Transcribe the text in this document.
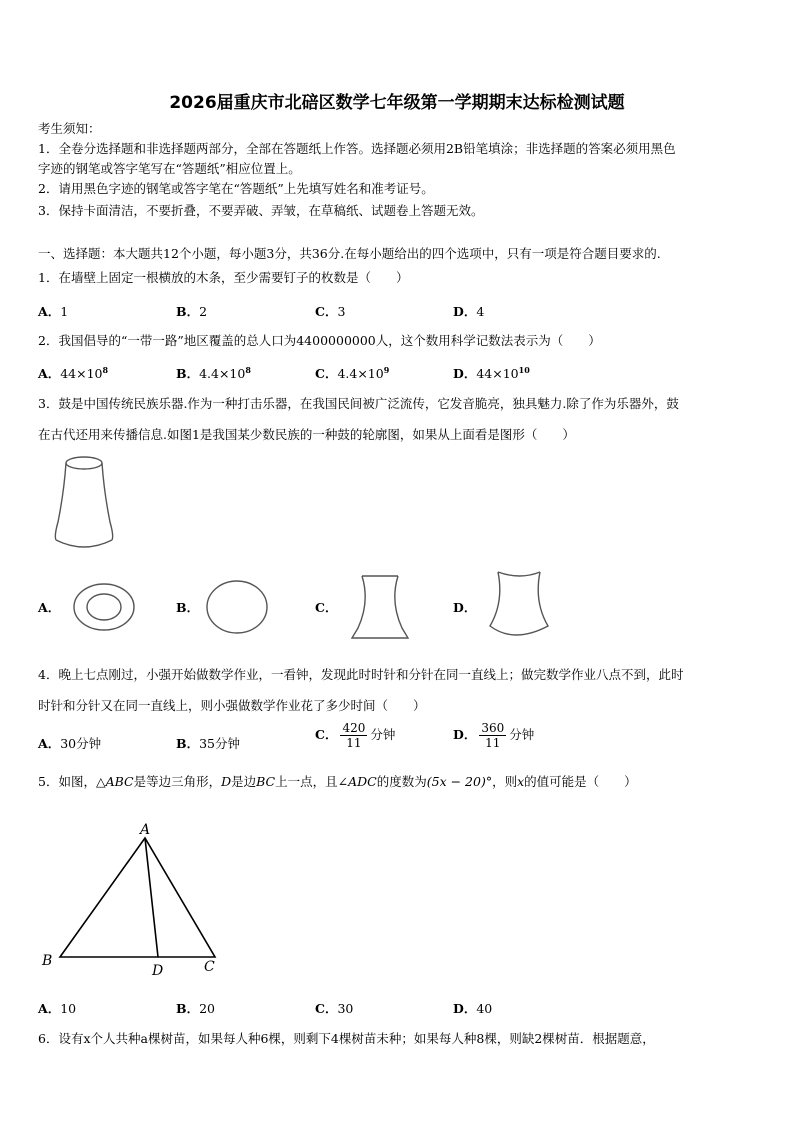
2026届重庆市北碚区数学七年级第一学期期末达标检测试题
考生须知：
1．全卷分选择题和非选择题两部分，全部在答题纸上作答。选择题必须用2B铅笔填涂；非选择题的答案必须用黑色
字迹的钢笔或答字笔写在“答题纸”相应位置上。
2．请用黑色字迹的钢笔或答字笔在“答题纸”上先填写姓名和准考证号。
3．保持卡面清洁，不要折叠，不要弄破、弄皱，在草稿纸、试题卷上答题无效。
一、选择题：本大题共12个小题，每小题3分，共36分.在每小题给出的四个选项中，只有一项是符合题目要求的.
1．在墙壁上固定一根横放的木条，至少需要钉子的枚数是（　　）
A．1	B．2	C．3	D．4
2．我国倡导的“一带一路”地区覆盖的总人口为4400000000人，这个数用科学记数法表示为（　　）
A．$44\times 10^8$	B．$4.4\times 10^8$	C．$4.4\times 10^9$	D．$44\times 10^{10}$
3．鼓是中国传统民族乐器.作为一种打击乐器，在我国民间被广泛流传，它发音脆亮，独具魅力.除了作为乐器外，鼓
在古代还用来传播信息.如图1是我国某少数民族的一种鼓的轮廓图，如果从上面看是图形（　　）
A．	B．	C．	D．
4．晚上七点刚过，小强开始做数学作业，一看钟，发现此时时针和分针在同一直线上；做完数学作业八点不到，此时
时针和分针又在同一直线上，则小强做数学作业花了多少时间（　　）
A．30分钟	B．35分钟
C． $\frac{420}{11}$ 分钟	D． $\frac{360}{11}$ 分钟
5．如图，△ABC是等边三角形，D是边BC上一点，且∠ADC的度数为(5x − 20)°，则x的值可能是（　　）
A
B
D	C
A．10	B．20	C．30	D．40
6．设有x个人共种a棵树苗，如果每人种6棵，则剩下4棵树苗未种；如果每人种8棵，则缺2棵树苗．根据题意，
